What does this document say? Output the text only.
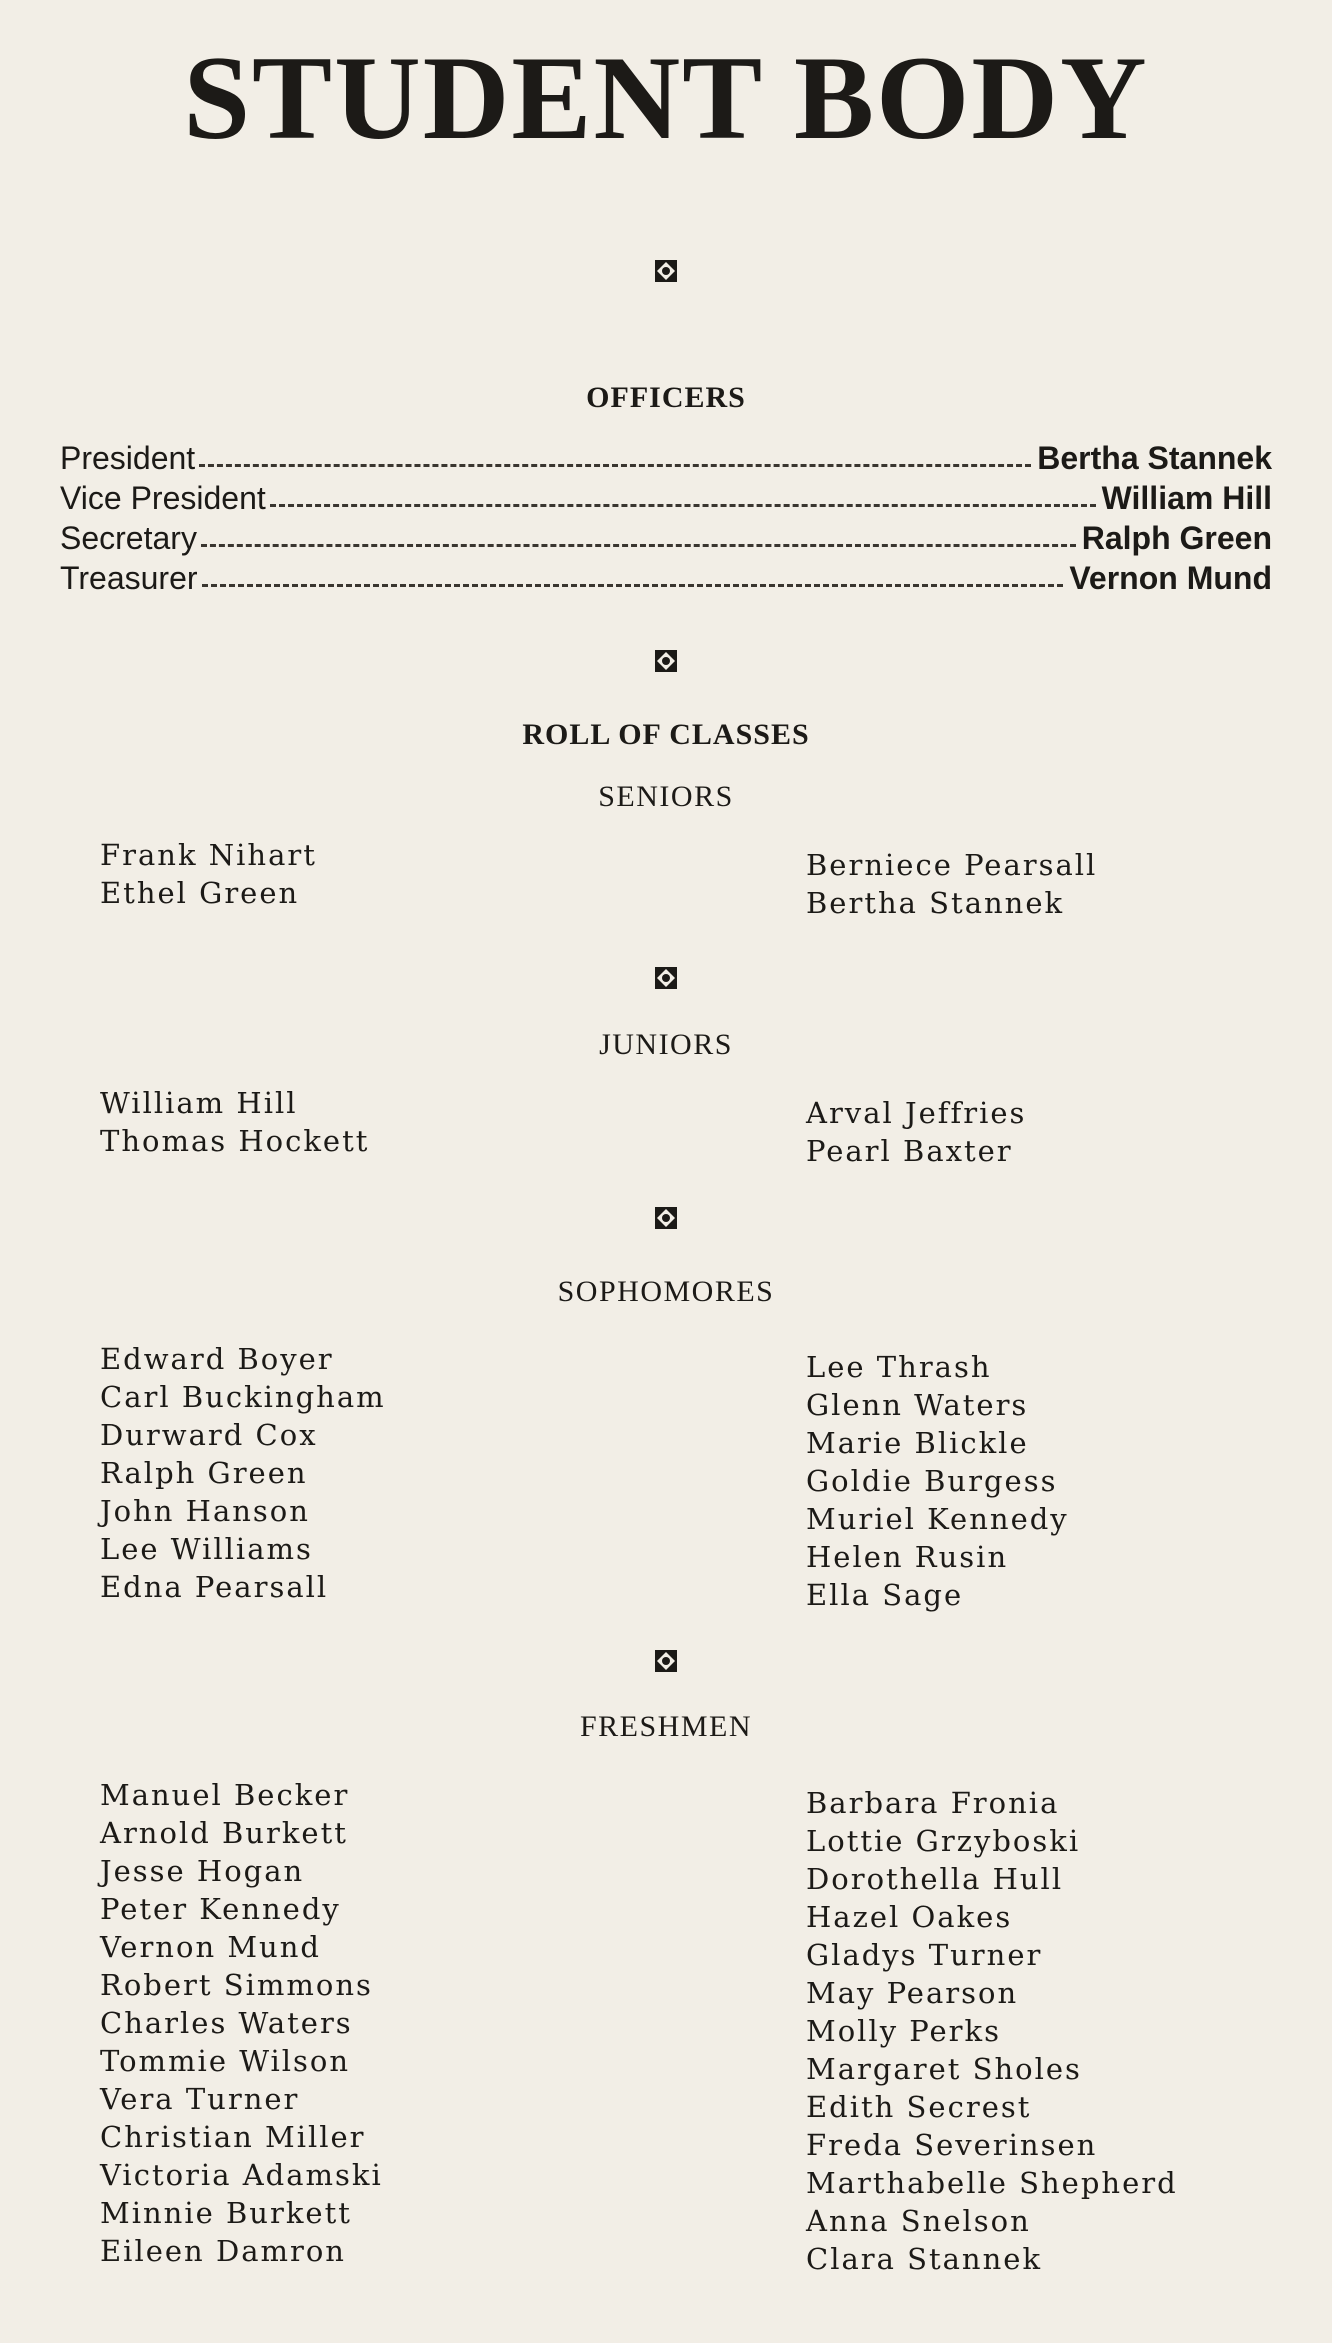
STUDENT BODY
OFFICERS
President	Bertha Stannek
Vice President	William Hill
Secretary	Ralph Green
Treasurer	Vernon Mund
ROLL OF CLASSES
SENIORS
Frank Nihart
Ethel Green
Berniece Pearsall
Bertha Stannek
JUNIORS
William Hill
Thomas Hockett
Arval Jeffries
Pearl Baxter
SOPHOMORES
Edward Boyer
Carl Buckingham
Durward Cox
Ralph Green
John Hanson
Lee Williams
Edna Pearsall
Lee Thrash
Glenn Waters
Marie Blickle
Goldie Burgess
Muriel Kennedy
Helen Rusin
Ella Sage
FRESHMEN
Manuel Becker
Arnold Burkett
Jesse Hogan
Peter Kennedy
Vernon Mund
Robert Simmons
Charles Waters
Tommie Wilson
Vera Turner
Christian Miller
Victoria Adamski
Minnie Burkett
Eileen Damron
Barbara Fronia
Lottie Grzyboski
Dorothella Hull
Hazel Oakes
Gladys Turner
May Pearson
Molly Perks
Margaret Sholes
Edith Secrest
Freda Severinsen
Marthabelle Shepherd
Anna Snelson
Clara Stannek
